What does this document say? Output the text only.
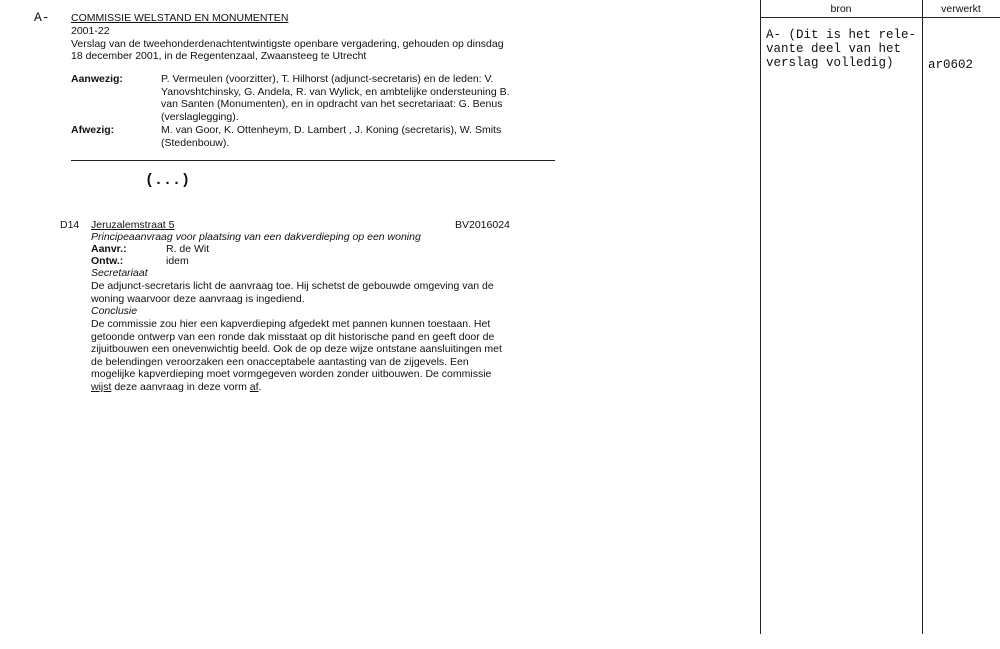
A- COMMISSIE WELSTAND EN MONUMENTEN
2001-22
Verslag van de tweehonderdenachtentwintigste openbare vergadering, gehouden op dinsdag
18 december 2001, in de Regentenzaal, Zwaansteeg te Utrecht
Aanwezig:	P. Vermeulen (voorzitter), T. Hilhorst (adjunct-secretaris) en de leden: V.
Yanovshtchinsky, G. Andela, R. van Wylick, en ambtelijke ondersteuning B.
van Santen (Monumenten), en in opdracht van het secretariaat: G. Benus
(verslaglegging).
Afwezig:	M. van Goor, K. Ottenheym, D. Lambert , J. Koning (secretaris), W. Smits
(Stedenbouw).
(...)
D14 Jeruzalemstraat 5	BV2016024
Principeaanvraag voor plaatsing van een dakverdieping op een woning
Aanvr.:	R. de Wit
Ontw.:	idem
Secretariaat
De adjunct-secretaris licht de aanvraag toe. Hij schetst de gebouwde omgeving van de
woning waarvoor deze aanvraag is ingediend.
Conclusie
De commissie zou hier een kapverdieping afgedekt met pannen kunnen toestaan. Het
getoonde ontwerp van een ronde dak misstaat op dit historische pand en geeft door de
zijuitbouwen een onevenwichtig beeld. Ook de op deze wijze ontstane aansluitingen met
de belendingen veroorzaken een onacceptabele aantasting van de zijgevels. Een
mogelijke kapverdieping moet vormgegeven worden zonder uitbouwen. De commissie
wijst deze aanvraag in deze vorm af.
bron	verwerkt
A- (Dit is het rele-
vante deel van het
verslag volledig)	ar0602
